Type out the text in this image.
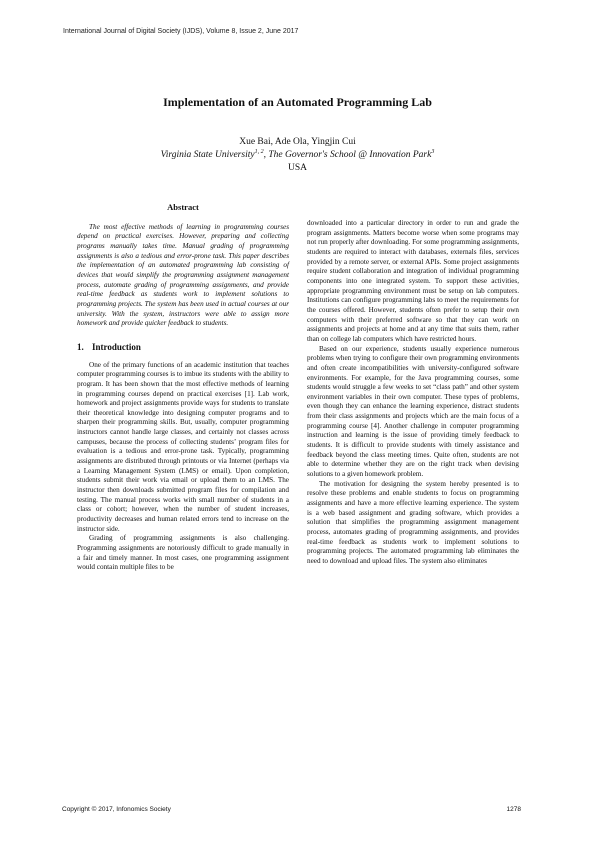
International Journal of Digital Society (IJDS), Volume 8, Issue 2, June 2017
Implementation of an Automated Programming Lab
Xue Bai, Ade Ola, Yingjin Cui
Virginia State University$^{1, 2}$, The Governor's School @ Innovation Park$^3$
USA
Abstract

The most effective methods of learning in programming courses depend on practical exercises. However, preparing and collecting programs manually takes time. Manual grading of programming assignments is also a tedious and error-prone task. This paper describes the implementation of an automated programming lab consisting of devices that would simplify the programming assignment management process, automate grading of programming assignments, and provide real-time feedback as students work to implement solutions to programming projects. The system has been used in actual courses at our university. With the system, instructors were able to assign more homework and provide quicker feedback to students.

1. Introduction

One of the primary functions of an academic institution that teaches computer programming courses is to imbue its students with the ability to program. It has been shown that the most effective methods of learning in programming courses depend on practical exercises [1]. Lab work, homework and project assignments provide ways for students to translate their theoretical knowledge into designing computer programs and to sharpen their programming skills. But, usually, computer programming instructors cannot handle large classes, and certainly not classes across campuses, because the process of collecting students’ program files for evaluation is a tedious and error-prone task. Typically, programming assignments are distributed through printouts or via Internet (perhaps via a Learning Management System (LMS) or email). Upon completion, students submit their work via email or upload them to an LMS. The instructor then downloads submitted program files for compilation and testing. The manual process works with small number of students in a class or cohort; however, when the number of student increases, productivity decreases and human related errors tend to increase on the instructor side.

Grading of programming assignments is also challenging. Programming assignments are notoriously difficult to grade manually in a fair and timely manner. In most cases, one programming assignment would contain multiple files to be

downloaded into a particular directory in order to run and grade the program assignments. Matters become worse when some programs may not run properly after downloading. For some programming assignments, students are required to interact with databases, externals files, services provided by a remote server, or external APIs. Some project assignments require student collaboration and integration of individual programming components into one integrated system. To support these activities, appropriate programming environment must be setup on lab computers. Institutions can configure programming labs to meet the requirements for the courses offered. However, students often prefer to setup their own computers with their preferred software so that they can work on assignments and projects at home and at any time that suits them, rather than on college lab computers which have restricted hours.

Based on our experience, students usually experience numerous problems when trying to configure their own programming environments and often create incompatibilities with university-configured software environments. For example, for the Java programming courses, some students would struggle a few weeks to set “class path” and other system environment variables in their own computer. These types of problems, even though they can enhance the learning experience, distract students from their class assignments and projects which are the main focus of a programming course [4]. Another challenge in computer programming instruction and learning is the issue of providing timely feedback to students. It is difficult to provide students with timely assistance and feedback beyond the class meeting times. Quite often, students are not able to determine whether they are on the right track when devising solutions to a given homework problem.

The motivation for designing the system hereby presented is to resolve these problems and enable students to focus on programming assignments and have a more effective learning experience. The system is a web based assignment and grading software, which provides a solution that simplifies the programming assignment management process, automates grading of programming assignments, and provides real-time feedback as students work to implement solutions to programming projects. The automated programming lab eliminates the need to download and upload files. The system also eliminates

Copyright © 2017, Infonomics Society	1278
